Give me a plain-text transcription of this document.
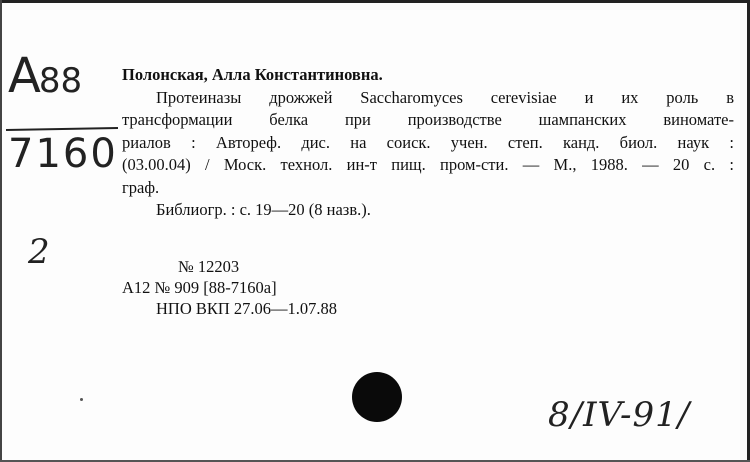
А88
7160
2
Полонская, Алла Константиновна.
Протеиназы дрожжей Saccharomyces cerevisiae и их роль в
трансформации белка при производстве шампанских виномате-
риалов : Автореф. дис. на соиск. учен. степ. канд. биол. наук :
(03.00.04) / Моск. технол. ин-т пищ. пром-сти. — М., 1988. — 20 с. :
граф.
Библиогр. : с. 19—20 (8 назв.).
№ 12203
A12 № 909 [88-7160a]
НПО ВКП 27.06—1.07.88
8/IV-91/
